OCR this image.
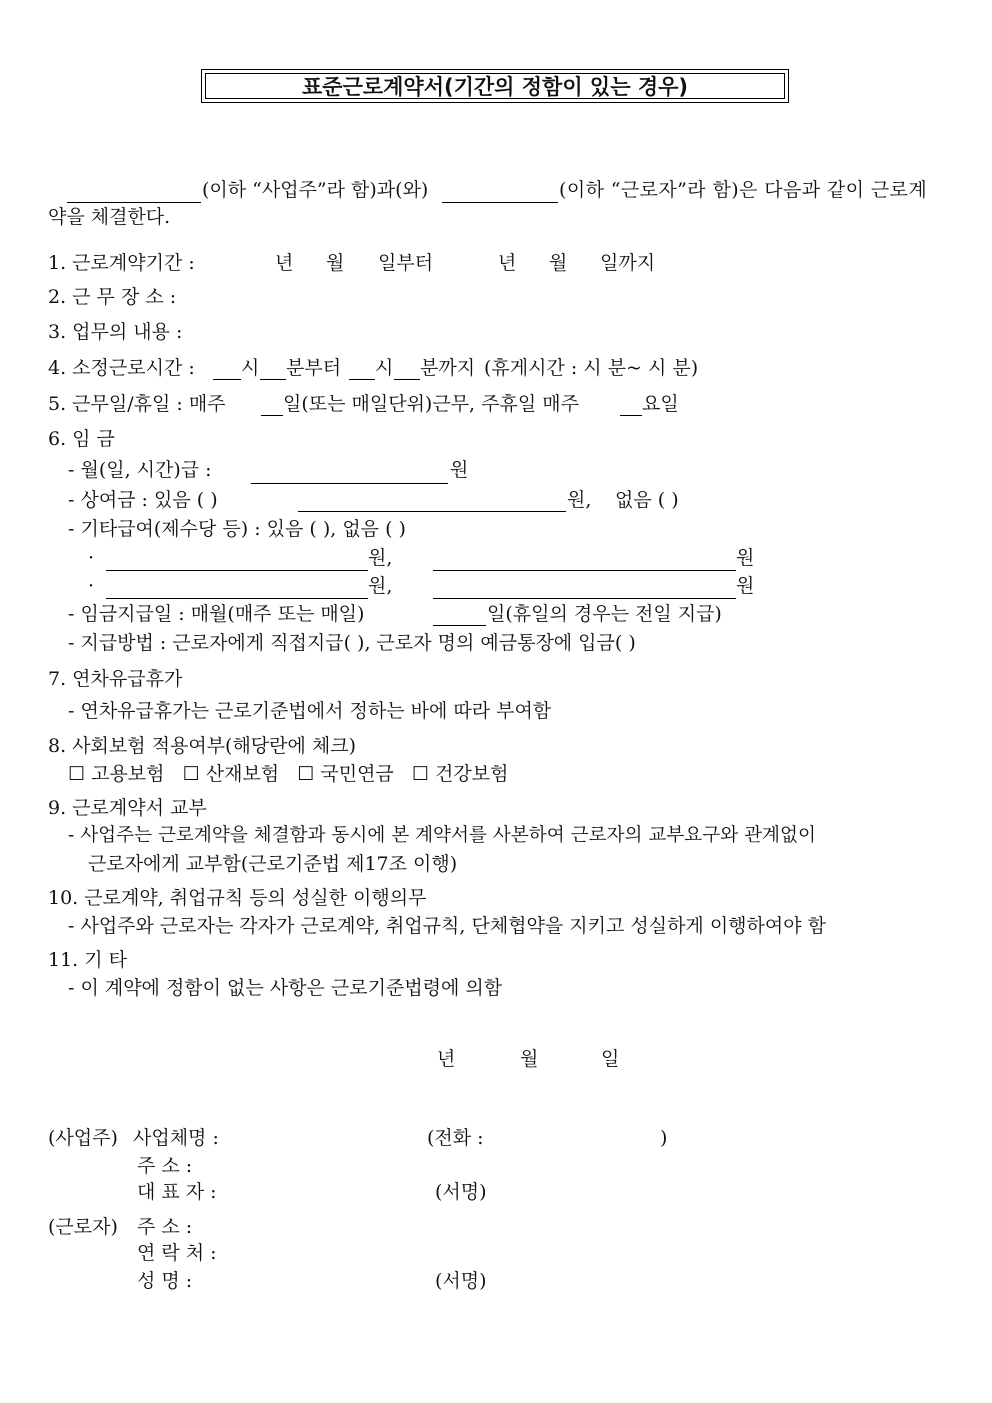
표준근로계약서(기간의 정함이 있는 경우)
(이하 “사업주”라 함)과(와)	(이하 “근로자”라 함)은 다음과 같이 근로계
약을 체결한다.
1. 근로계약기간 :	년 월 일부터	년 월 일까지
2. 근 무 장 소 :
3. 업무의 내용 :
4. 소정근로시간 : 시 분부터 시 분까지 (휴게시간 : 시 분~ 시 분)
5. 근무일/휴일 : 매주	일(또는 매일단위)근무, 주휴일 매주	요일
6. 임 금
- 월(일, 시간)급 :	원
- 상여금 : 있음 ( )	원, 없음 ( )
- 기타급여(제수당 등) : 있음 ( ), 없음 ( )
·	원,	원
·	원,	원
- 임금지급일 : 매월(매주 또는 매일)	일(휴일의 경우는 전일 지급)
- 지급방법 : 근로자에게 직접지급( ), 근로자 명의 예금통장에 입금( )
7. 연차유급휴가
- 연차유급휴가는 근로기준법에서 정하는 바에 따라 부여함
8. 사회보험 적용여부(해당란에 체크)
☐ 고용보험 ☐ 산재보험 ☐ 국민연금 ☐ 건강보험
9. 근로계약서 교부
- 사업주는 근로계약을 체결함과 동시에 본 계약서를 사본하여 근로자의 교부요구와 관계없이
근로자에게 교부함(근로기준법 제17조 이행)
10. 근로계약, 취업규칙 등의 성실한 이행의무
- 사업주와 근로자는 각자가 근로계약, 취업규칙, 단체협약을 지키고 성실하게 이행하여야 함
11. 기 타
- 이 계약에 정함이 없는 사항은 근로기준법령에 의함
년	월	일
(사업주) 사업체명 :	(전화 :	)
주 소 :
대 표 자 :	(서명)
(근로자) 주 소 :
연 락 처 :
성 명 :	(서명)
